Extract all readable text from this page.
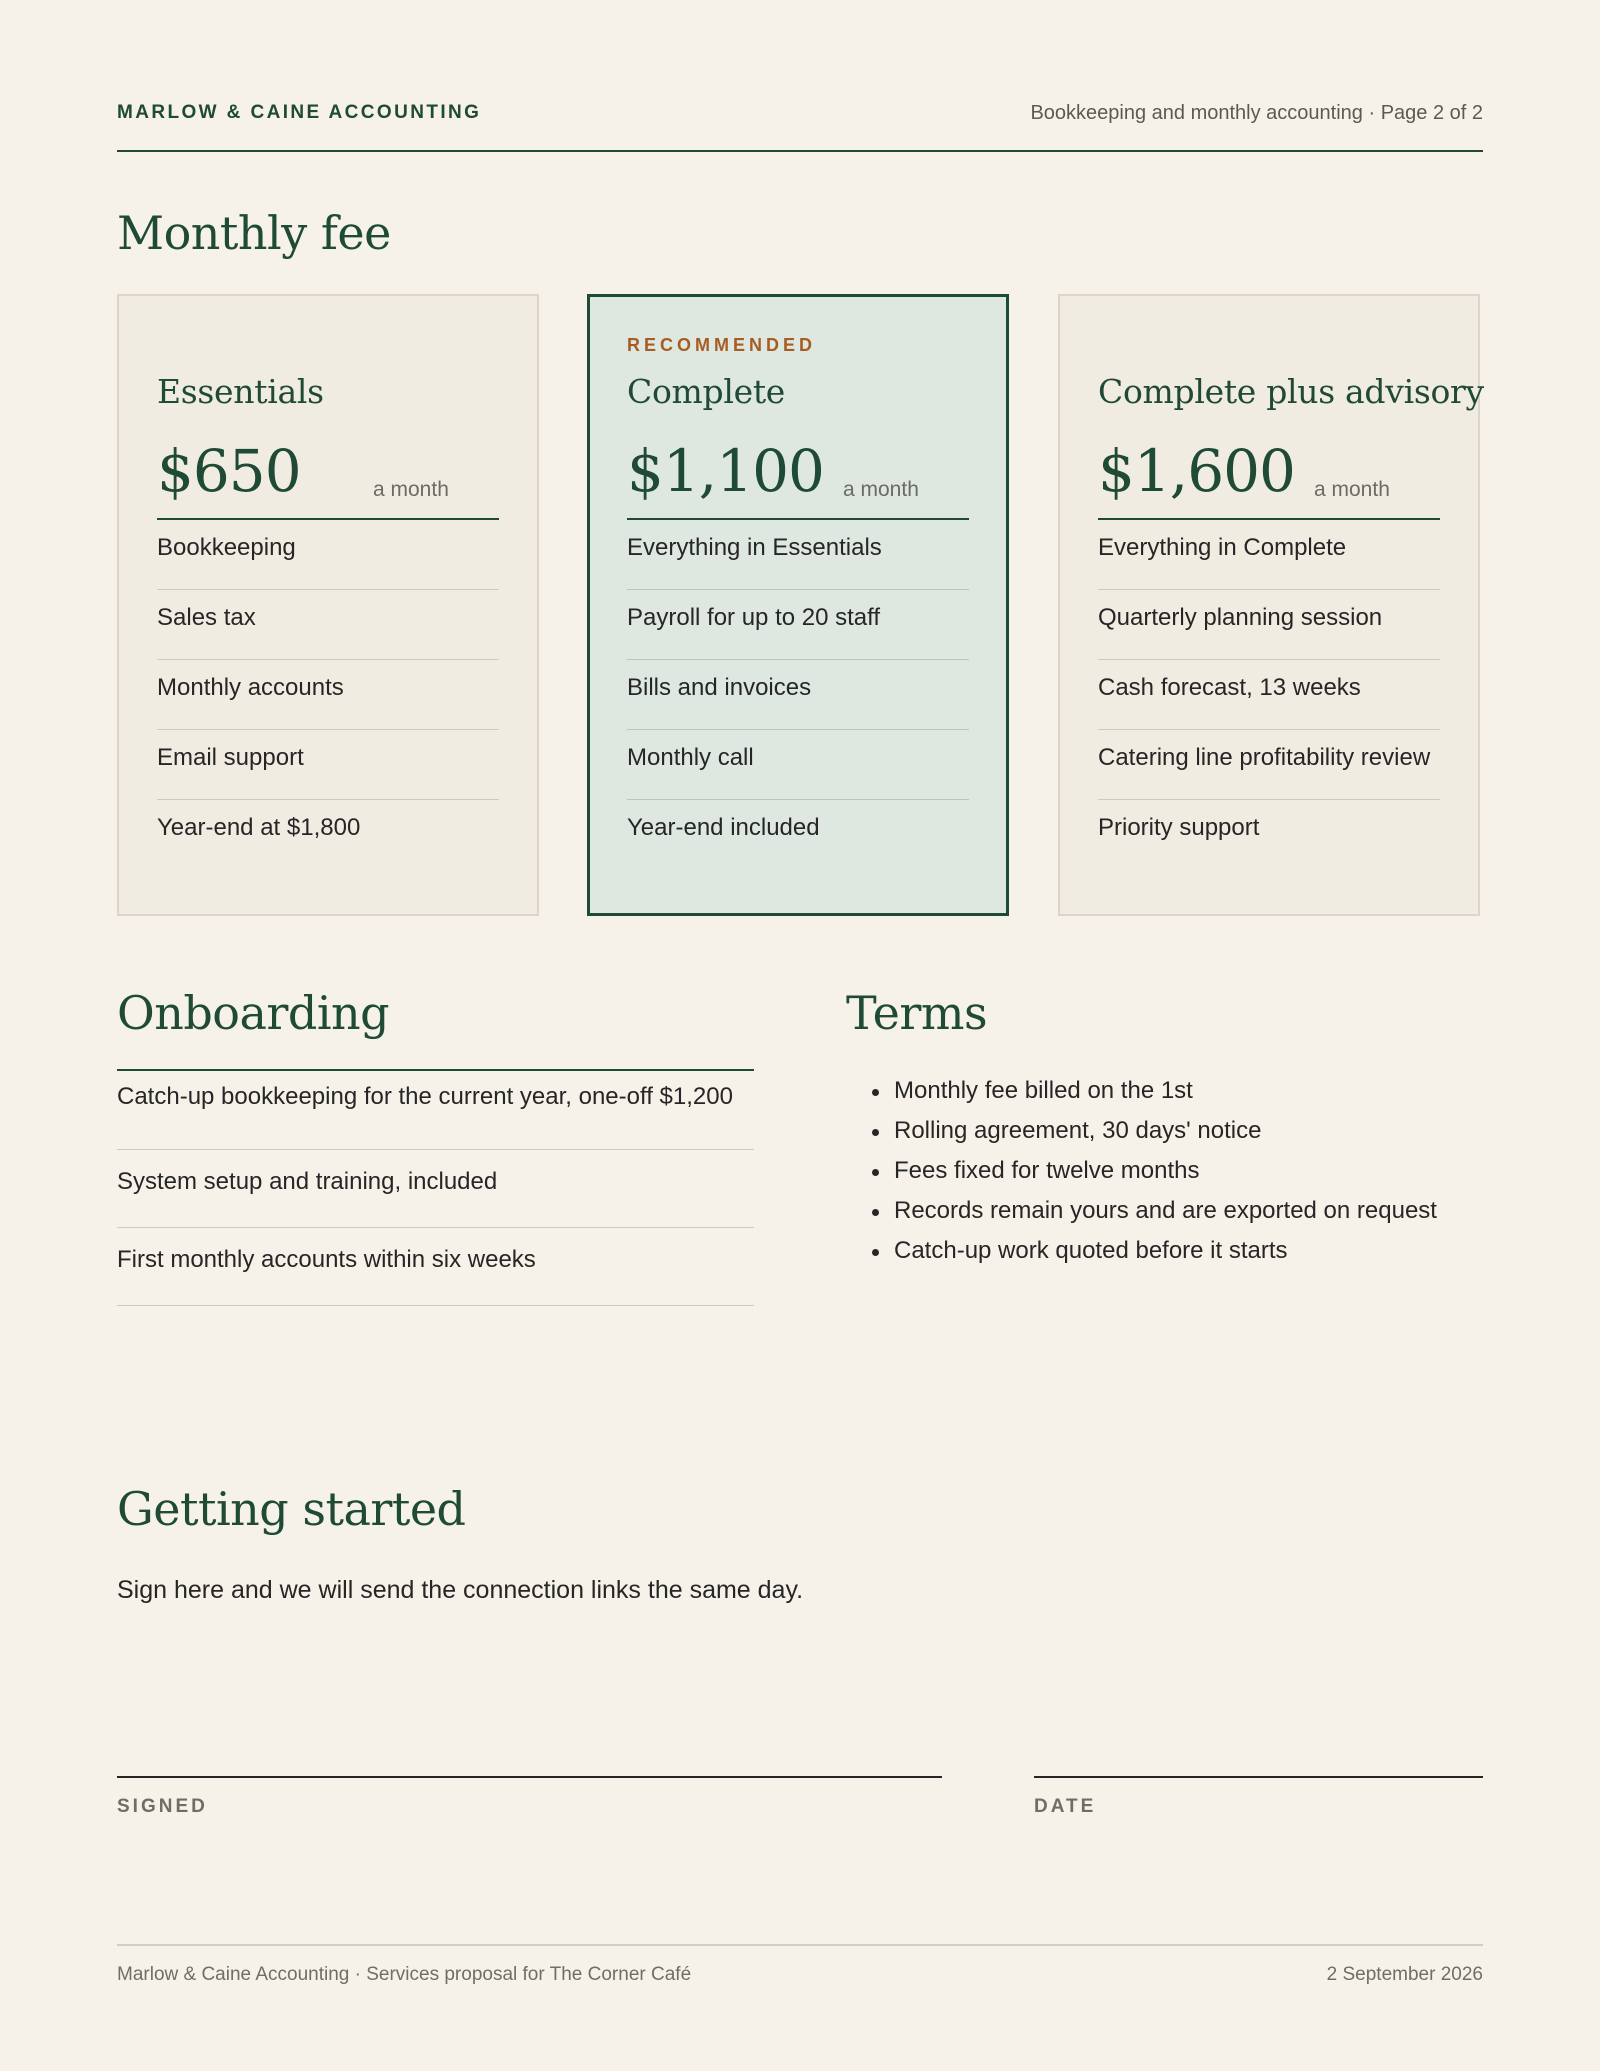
MARLOW & CAINE ACCOUNTING	Bookkeeping and monthly accounting · Page 2 of 2
Monthly fee
Essentials
$650	a month
Bookkeeping
Sales tax
Monthly accounts
Email support
Year-end at $1,800
RECOMMENDED
Complete
$1,100 a month
Everything in Essentials
Payroll for up to 20 staff
Bills and invoices
Monthly call
Year-end included
Complete plus advisory
$1,600 a month
Everything in Complete
Quarterly planning session
Cash forecast, 13 weeks
Catering line profitability review
Priority support
Onboarding
Catch-up bookkeeping for the current year, one-off $1,200
System setup and training, included
First monthly accounts within six weeks
Terms
Monthly fee billed on the 1st
Rolling agreement, 30 days' notice
Fees fixed for twelve months
Records remain yours and are exported on request
Catch-up work quoted before it starts
Getting started
Sign here and we will send the connection links the same day.
SIGNED	DATE
Marlow & Caine Accounting · Services proposal for The Corner Café	2 September 2026
